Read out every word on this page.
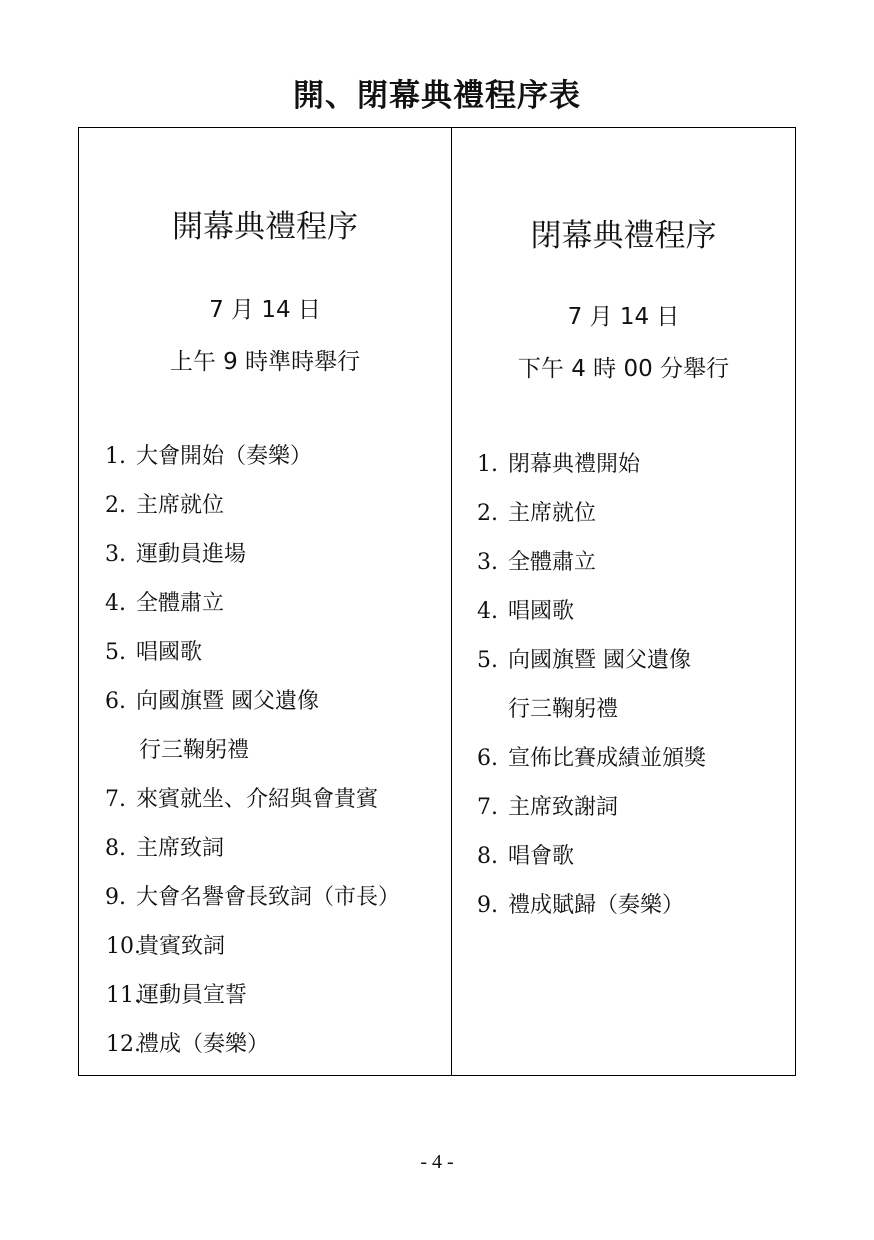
開、閉幕典禮程序表
開幕典禮程序
7 月 14 日
上午 9 時準時舉行
1. 大會開始（奏樂）
2. 主席就位
3. 運動員進場
4. 全體肅立
5. 唱國歌
6. 向國旗暨 國父遺像
行三鞠躬禮
7. 來賓就坐、介紹與會貴賓
8. 主席致詞
9. 大會名譽會長致詞（市長）
10.
貴賓致詞
11.
運動員宣誓
12.
禮成（奏樂）
閉幕典禮程序
7 月 14 日
下午 4 時 00 分舉行
1. 閉幕典禮開始
2. 主席就位
3. 全體肅立
4. 唱國歌
5. 向國旗暨 國父遺像
行三鞠躬禮
6. 宣佈比賽成績並頒獎
7. 主席致謝詞
8. 唱會歌
9. 禮成賦歸（奏樂）
- 4 -
